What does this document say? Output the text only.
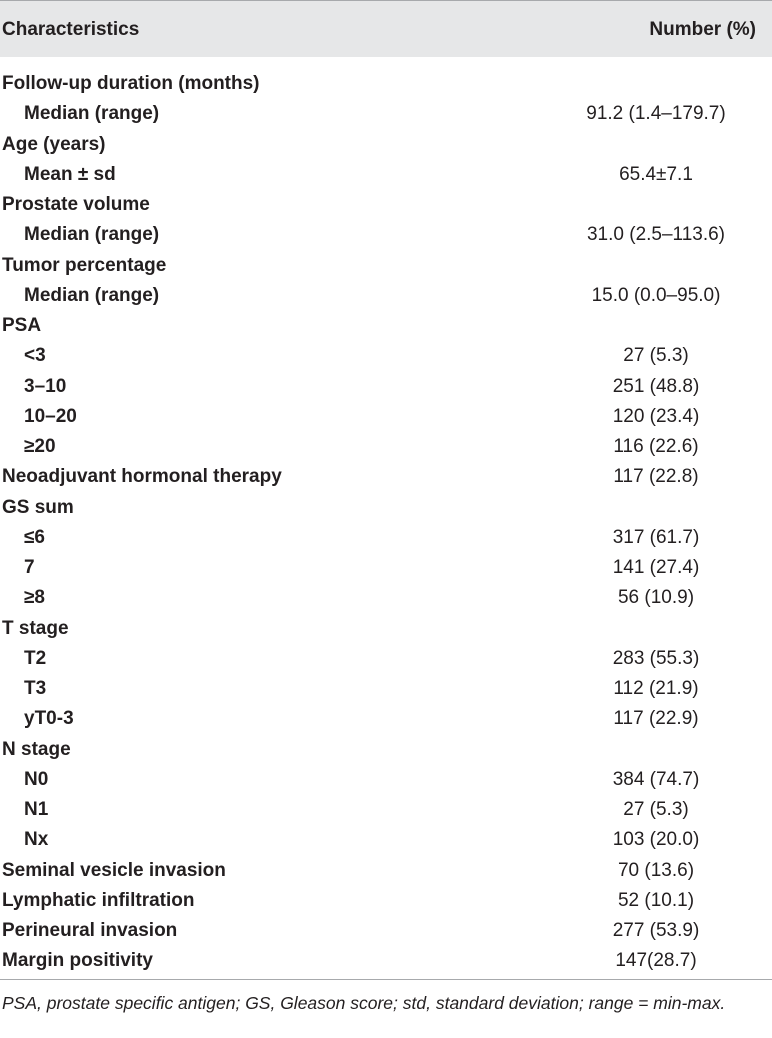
Characteristics	Number (%)
Follow-up duration (months)
Median (range)	91.2 (1.4–179.7)
Age (years)
Mean ± sd	65.4±7.1
Prostate volume
Median (range)	31.0 (2.5–113.6)
Tumor percentage
Median (range)	15.0 (0.0–95.0)
PSA
<3	27 (5.3)
3–10	251 (48.8)
10–20	120 (23.4)
≥20	116 (22.6)
Neoadjuvant hormonal therapy	117 (22.8)
GS sum
≤6	317 (61.7)
7	141 (27.4)
≥8	56 (10.9)
T stage
T2	283 (55.3)
T3	112 (21.9)
yT0-3	117 (22.9)
N stage
N0	384 (74.7)
N1	27 (5.3)
Nx	103 (20.0)
Seminal vesicle invasion	70 (13.6)
Lymphatic infiltration	52 (10.1)
Perineural invasion	277 (53.9)
Margin positivity	147(28.7)
PSA, prostate specific antigen; GS, Gleason score; std, standard deviation; range = min-max.
